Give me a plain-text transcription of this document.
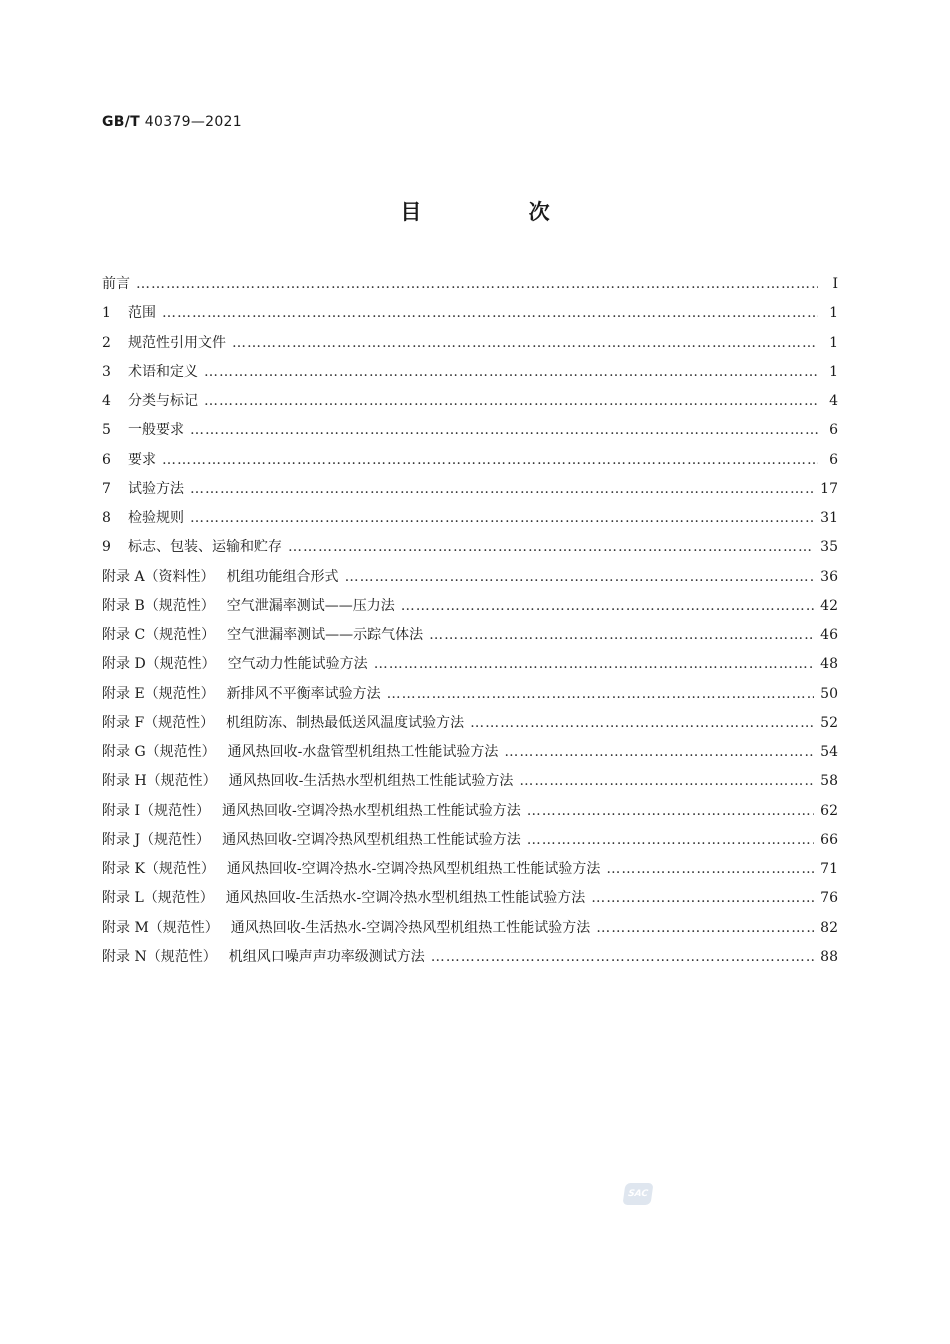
GB/T 40379—2021
目 次
前言 …………………………………………………………………………………………………………………………………………………………………………………………………	Ⅰ
1 范围 …………………………………………………………………………………………………………………………………………………………………………………………………	1
2 规范性引用文件 …………………………………………………………………………………………………………………………………………………………………………………………………	1
3 术语和定义 …………………………………………………………………………………………………………………………………………………………………………………………………	1
4 分类与标记 …………………………………………………………………………………………………………………………………………………………………………………………………	4
5 一般要求 …………………………………………………………………………………………………………………………………………………………………………………………………	6
6 要求 …………………………………………………………………………………………………………………………………………………………………………………………………	6
7 试验方法 …………………………………………………………………………………………………………………………………………………………………………………………………	17
8 检验规则 …………………………………………………………………………………………………………………………………………………………………………………………………	31
9 标志、包装、运输和贮存 …………………………………………………………………………………………………………………………………………………………………………………………………	35
附录 A（资料性） 机组功能组合形式 …………………………………………………………………………………………………………………………………………………………………………………………………	36
附录 B（规范性） 空气泄漏率测试——压力法 …………………………………………………………………………………………………………………………………………………………………………………………………	42
附录 C（规范性） 空气泄漏率测试——示踪气体法 …………………………………………………………………………………………………………………………………………………………………………………………………	46
附录 D（规范性） 空气动力性能试验方法 …………………………………………………………………………………………………………………………………………………………………………………………………	48
附录 E（规范性） 新排风不平衡率试验方法 …………………………………………………………………………………………………………………………………………………………………………………………………	50
附录 F（规范性） 机组防冻、制热最低送风温度试验方法 …………………………………………………………………………………………………………………………………………………………………………………………………	52
附录 G（规范性） 通风热回收-水盘管型机组热工性能试验方法 …………………………………………………………………………………………………………………………………………………………………………………………………	54
附录 H（规范性） 通风热回收-生活热水型机组热工性能试验方法 …………………………………………………………………………………………………………………………………………………………………………………………………	58
附录 I（规范性） 通风热回收-空调冷热水型机组热工性能试验方法 …………………………………………………………………………………………………………………………………………………………………………………………………	62
附录 J（规范性） 通风热回收-空调冷热风型机组热工性能试验方法 …………………………………………………………………………………………………………………………………………………………………………………………………	66
附录 K（规范性） 通风热回收-空调冷热水-空调冷热风型机组热工性能试验方法 …………………………………………………………………………………………………………………………………………………………………………………………………	71
附录 L（规范性） 通风热回收-生活热水-空调冷热水型机组热工性能试验方法 …………………………………………………………………………………………………………………………………………………………………………………………………	76
附录 M（规范性） 通风热回收-生活热水-空调冷热风型机组热工性能试验方法 …………………………………………………………………………………………………………………………………………………………………………………………………	82
附录 N（规范性） 机组风口噪声声功率级测试方法 …………………………………………………………………………………………………………………………………………………………………………………………………	88
SAC
